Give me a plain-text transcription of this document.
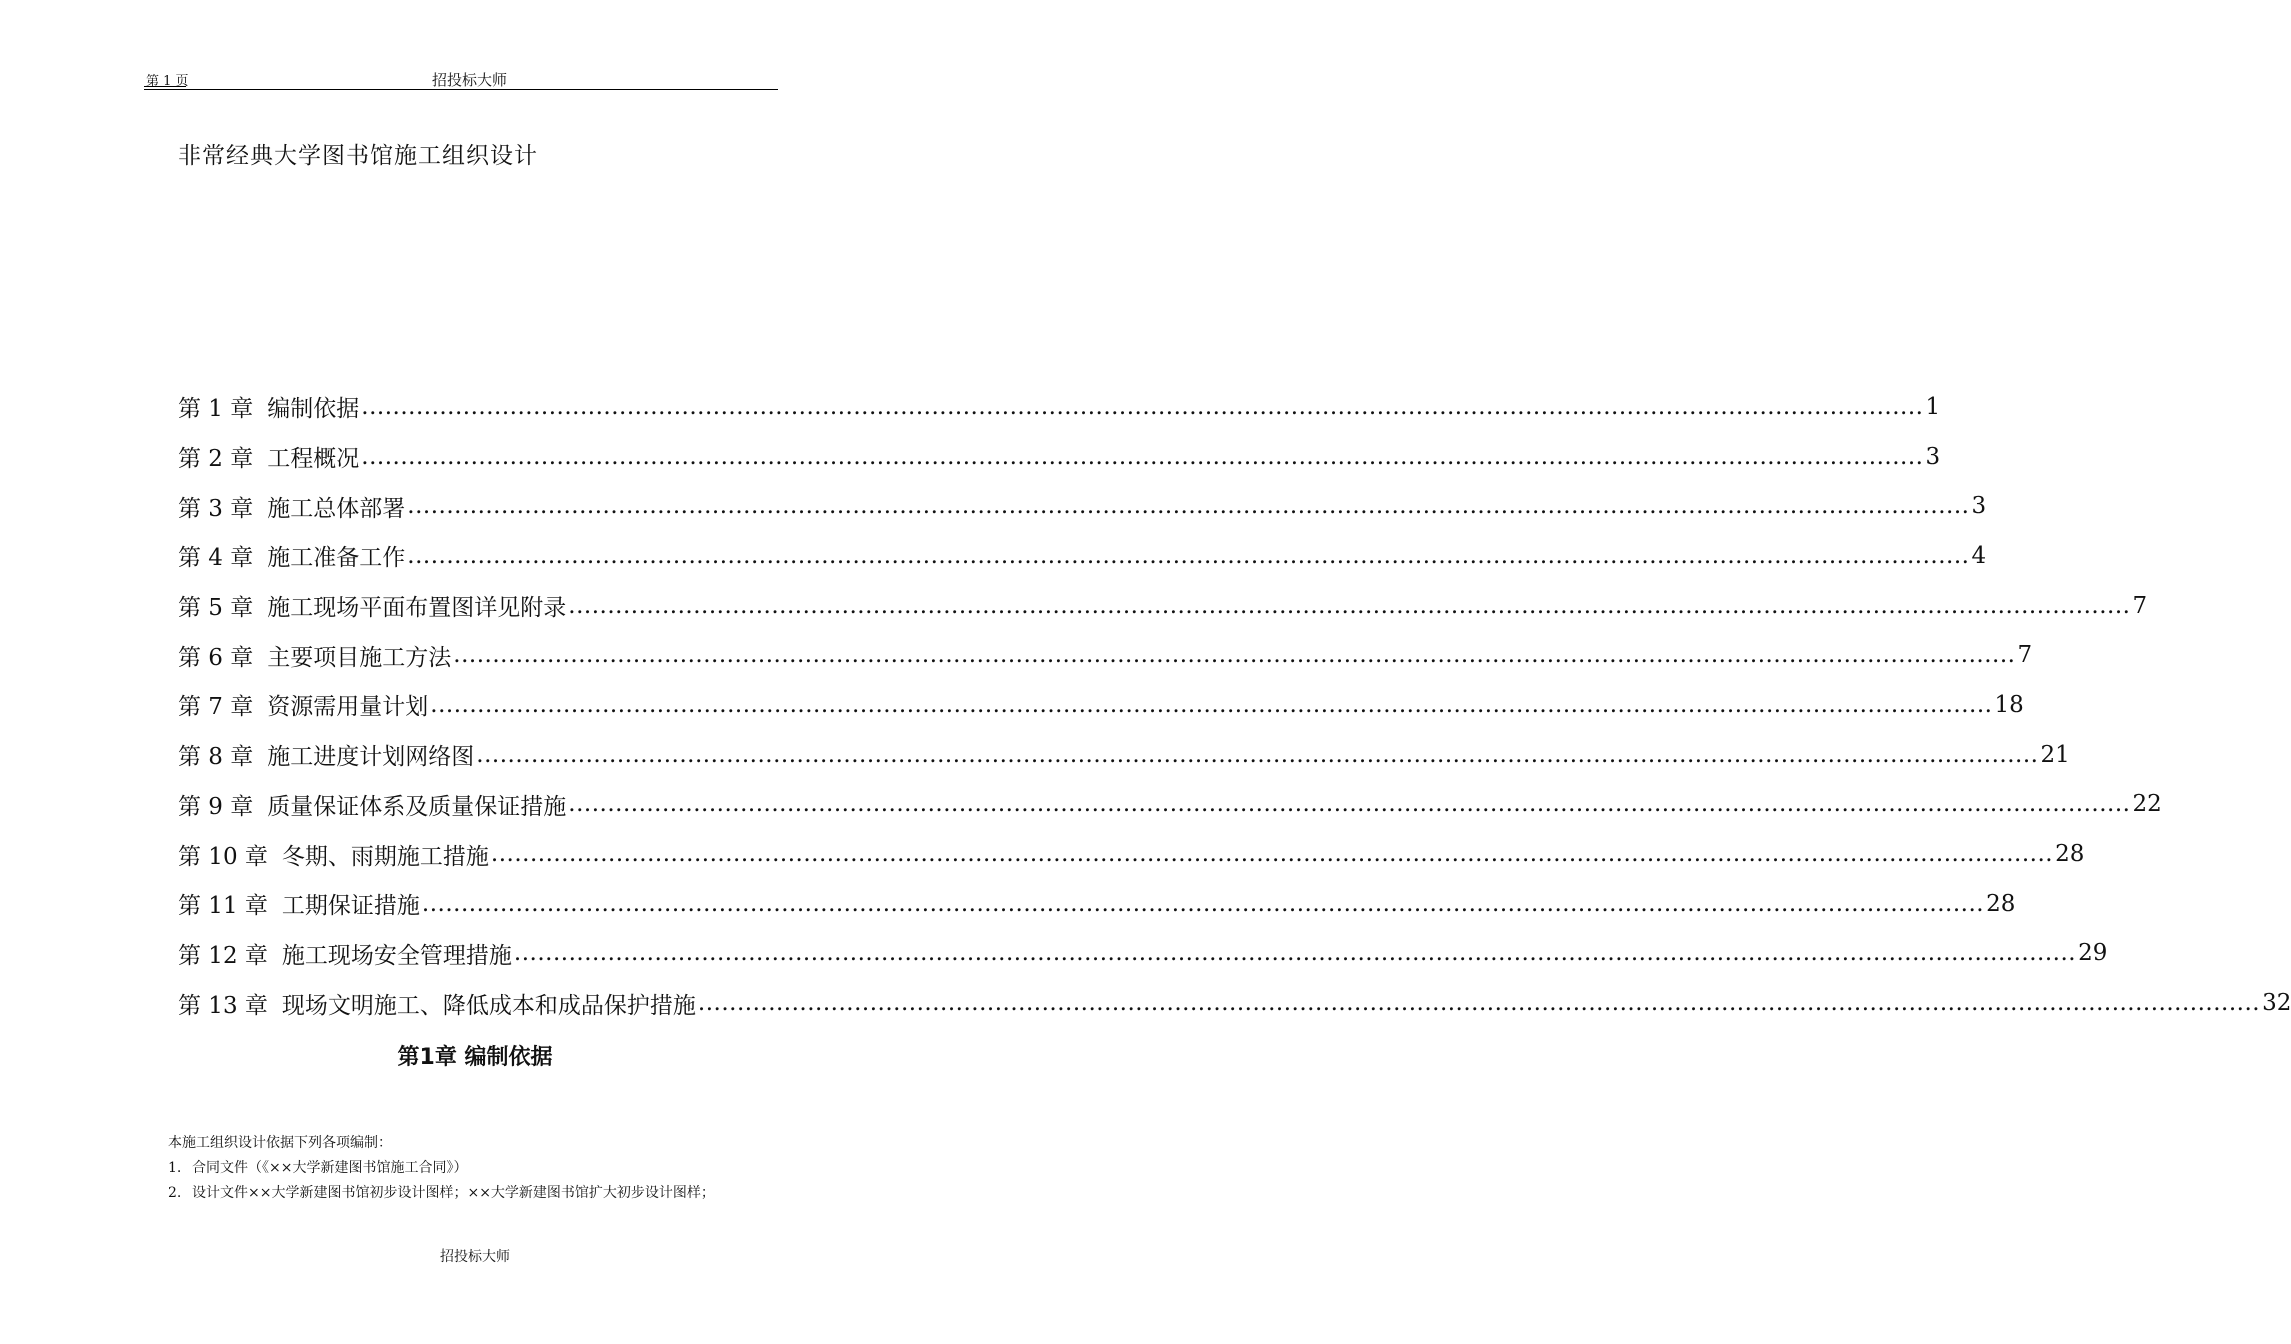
第 1 页	招投标大师
非常经典大学图书馆施工组织设计
第 1 章 编制依据 ........................................................................................................................................................................................................ 1
第 2 章 工程概况 ........................................................................................................................................................................................................ 3
第 3 章 施工总体部署 ........................................................................................................................................................................................................ 3
第 4 章 施工准备工作 ........................................................................................................................................................................................................ 4
第 5 章 施工现场平面布置图详见附录 ........................................................................................................................................................................................................ 7
第 6 章 主要项目施工方法 ........................................................................................................................................................................................................ 7
第 7 章 资源需用量计划 ........................................................................................................................................................................................................ 18
第 8 章 施工进度计划网络图 ........................................................................................................................................................................................................ 21
第 9 章 质量保证体系及质量保证措施 ........................................................................................................................................................................................................ 22
第 10 章 冬期、雨期施工措施 ........................................................................................................................................................................................................ 28
第 11 章 工期保证措施 ........................................................................................................................................................................................................ 28
第 12 章 施工现场安全管理措施 ........................................................................................................................................................................................................ 29
第 13 章 现场文明施工、降低成本和成品保护措施 ........................................................................................................................................................................................................ 32
第1章 编制依据
本施工组织设计依据下列各项编制：
1. 合同文件（《××大学新建图书馆施工合同》）
2. 设计文件××大学新建图书馆初步设计图样；××大学新建图书馆扩大初步设计图样；
招投标大师
